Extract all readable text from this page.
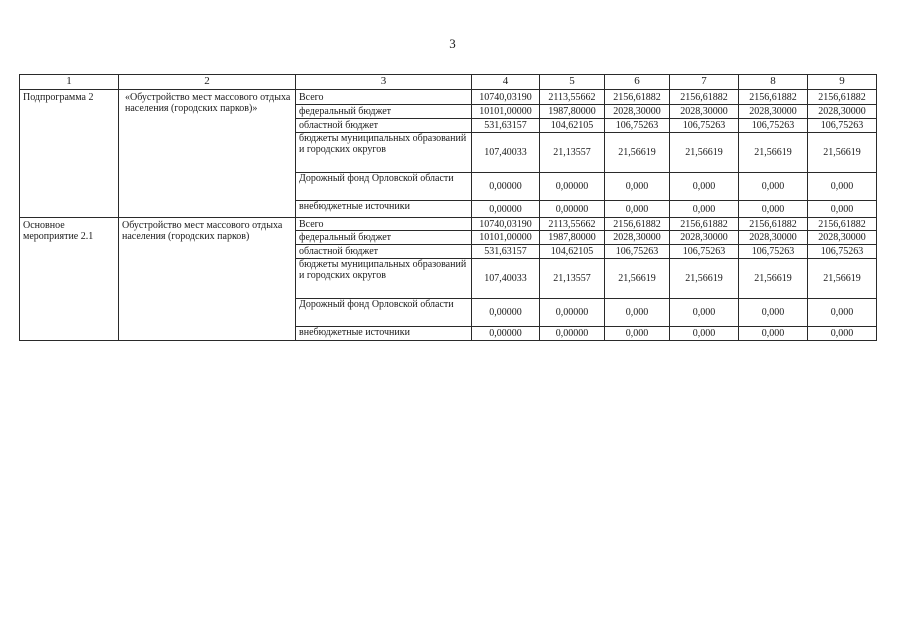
3
1	2	3	4	5	6	7	8	9
Подпрограмма 2	«Обустройство мест массового отдыха населения (городских парков)»	Всего	10740,03190	2113,55662	2156,61882	2156,61882	2156,61882	2156,61882
		федеральный бюджет	10101,00000	1987,80000	2028,30000	2028,30000	2028,30000	2028,30000
		областной бюджет	531,63157	104,62105	106,75263	106,75263	106,75263	106,75263
		бюджеты муниципальных образований
и городских округов	107,40033	21,13557	21,56619	21,56619	21,56619	21,56619
		Дорожный фонд Орловской области	0,00000	0,00000	0,000	0,000	0,000	0,000
		внебюджетные источники	0,00000	0,00000	0,000	0,000	0,000	0,000
Основное мероприятие 2.1	Обустройство мест массового отдыха населения (городских парков)	Всего	10740,03190	2113,55662	2156,61882	2156,61882	2156,61882	2156,61882
		федеральный бюджет	10101,00000	1987,80000	2028,30000	2028,30000	2028,30000	2028,30000
		областной бюджет	531,63157	104,62105	106,75263	106,75263	106,75263	106,75263
		бюджеты муниципальных образований и городских округов	107,40033	21,13557	21,56619	21,56619	21,56619	21,56619
		Дорожный фонд Орловской области	0,00000	0,00000	0,000	0,000	0,000	0,000
		внебюджетные источники	0,00000	0,00000	0,000	0,000	0,000	0,000
